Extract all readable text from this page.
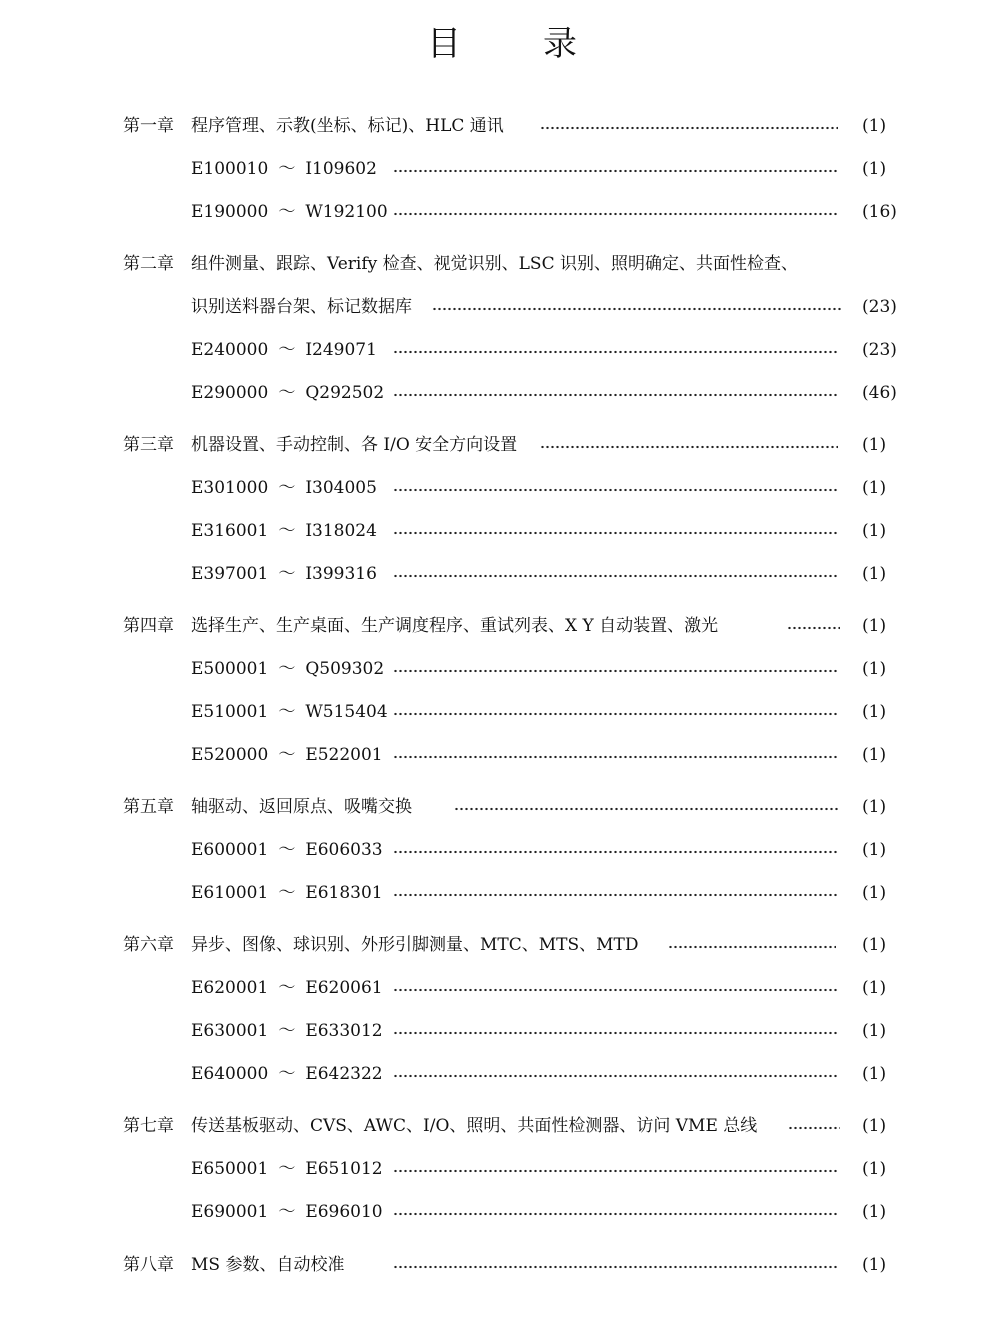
目 录
第一章 程序管理、示教(坐标、标记)、HLC 通讯	(1)
E100010 ～ I109602	(1)
E190000 ～ W192100	(16)
第二章 组件测量、跟踪、Verify 检查、视觉识别、LSC 识别、照明确定、共面性检查、
识别送料器台架、标记数据库	(23)
E240000 ～ I249071	(23)
E290000 ～ Q292502	(46)
第三章 机器设置、手动控制、各 I/O 安全方向设置	(1)
E301000 ～ I304005	(1)
E316001 ～ I318024	(1)
E397001 ～ I399316	(1)
第四章 选择生产、生产桌面、生产调度程序、重试列表、X Y 自动装置、激光	(1)
E500001 ～ Q509302	(1)
E510001 ～ W515404	(1)
E520000 ～ E522001	(1)
第五章 轴驱动、返回原点、吸嘴交换	(1)
E600001 ～ E606033	(1)
E610001 ～ E618301	(1)
第六章 异步、图像、球识别、外形引脚测量、MTC、MTS、MTD	(1)
E620001 ～ E620061	(1)
E630001 ～ E633012	(1)
E640000 ～ E642322	(1)
第七章 传送基板驱动、CVS、AWC、I/O、照明、共面性检测器、访问 VME 总线	(1)
E650001 ～ E651012	(1)
E690001 ～ E696010	(1)
第八章 MS 参数、自动校准	(1)
